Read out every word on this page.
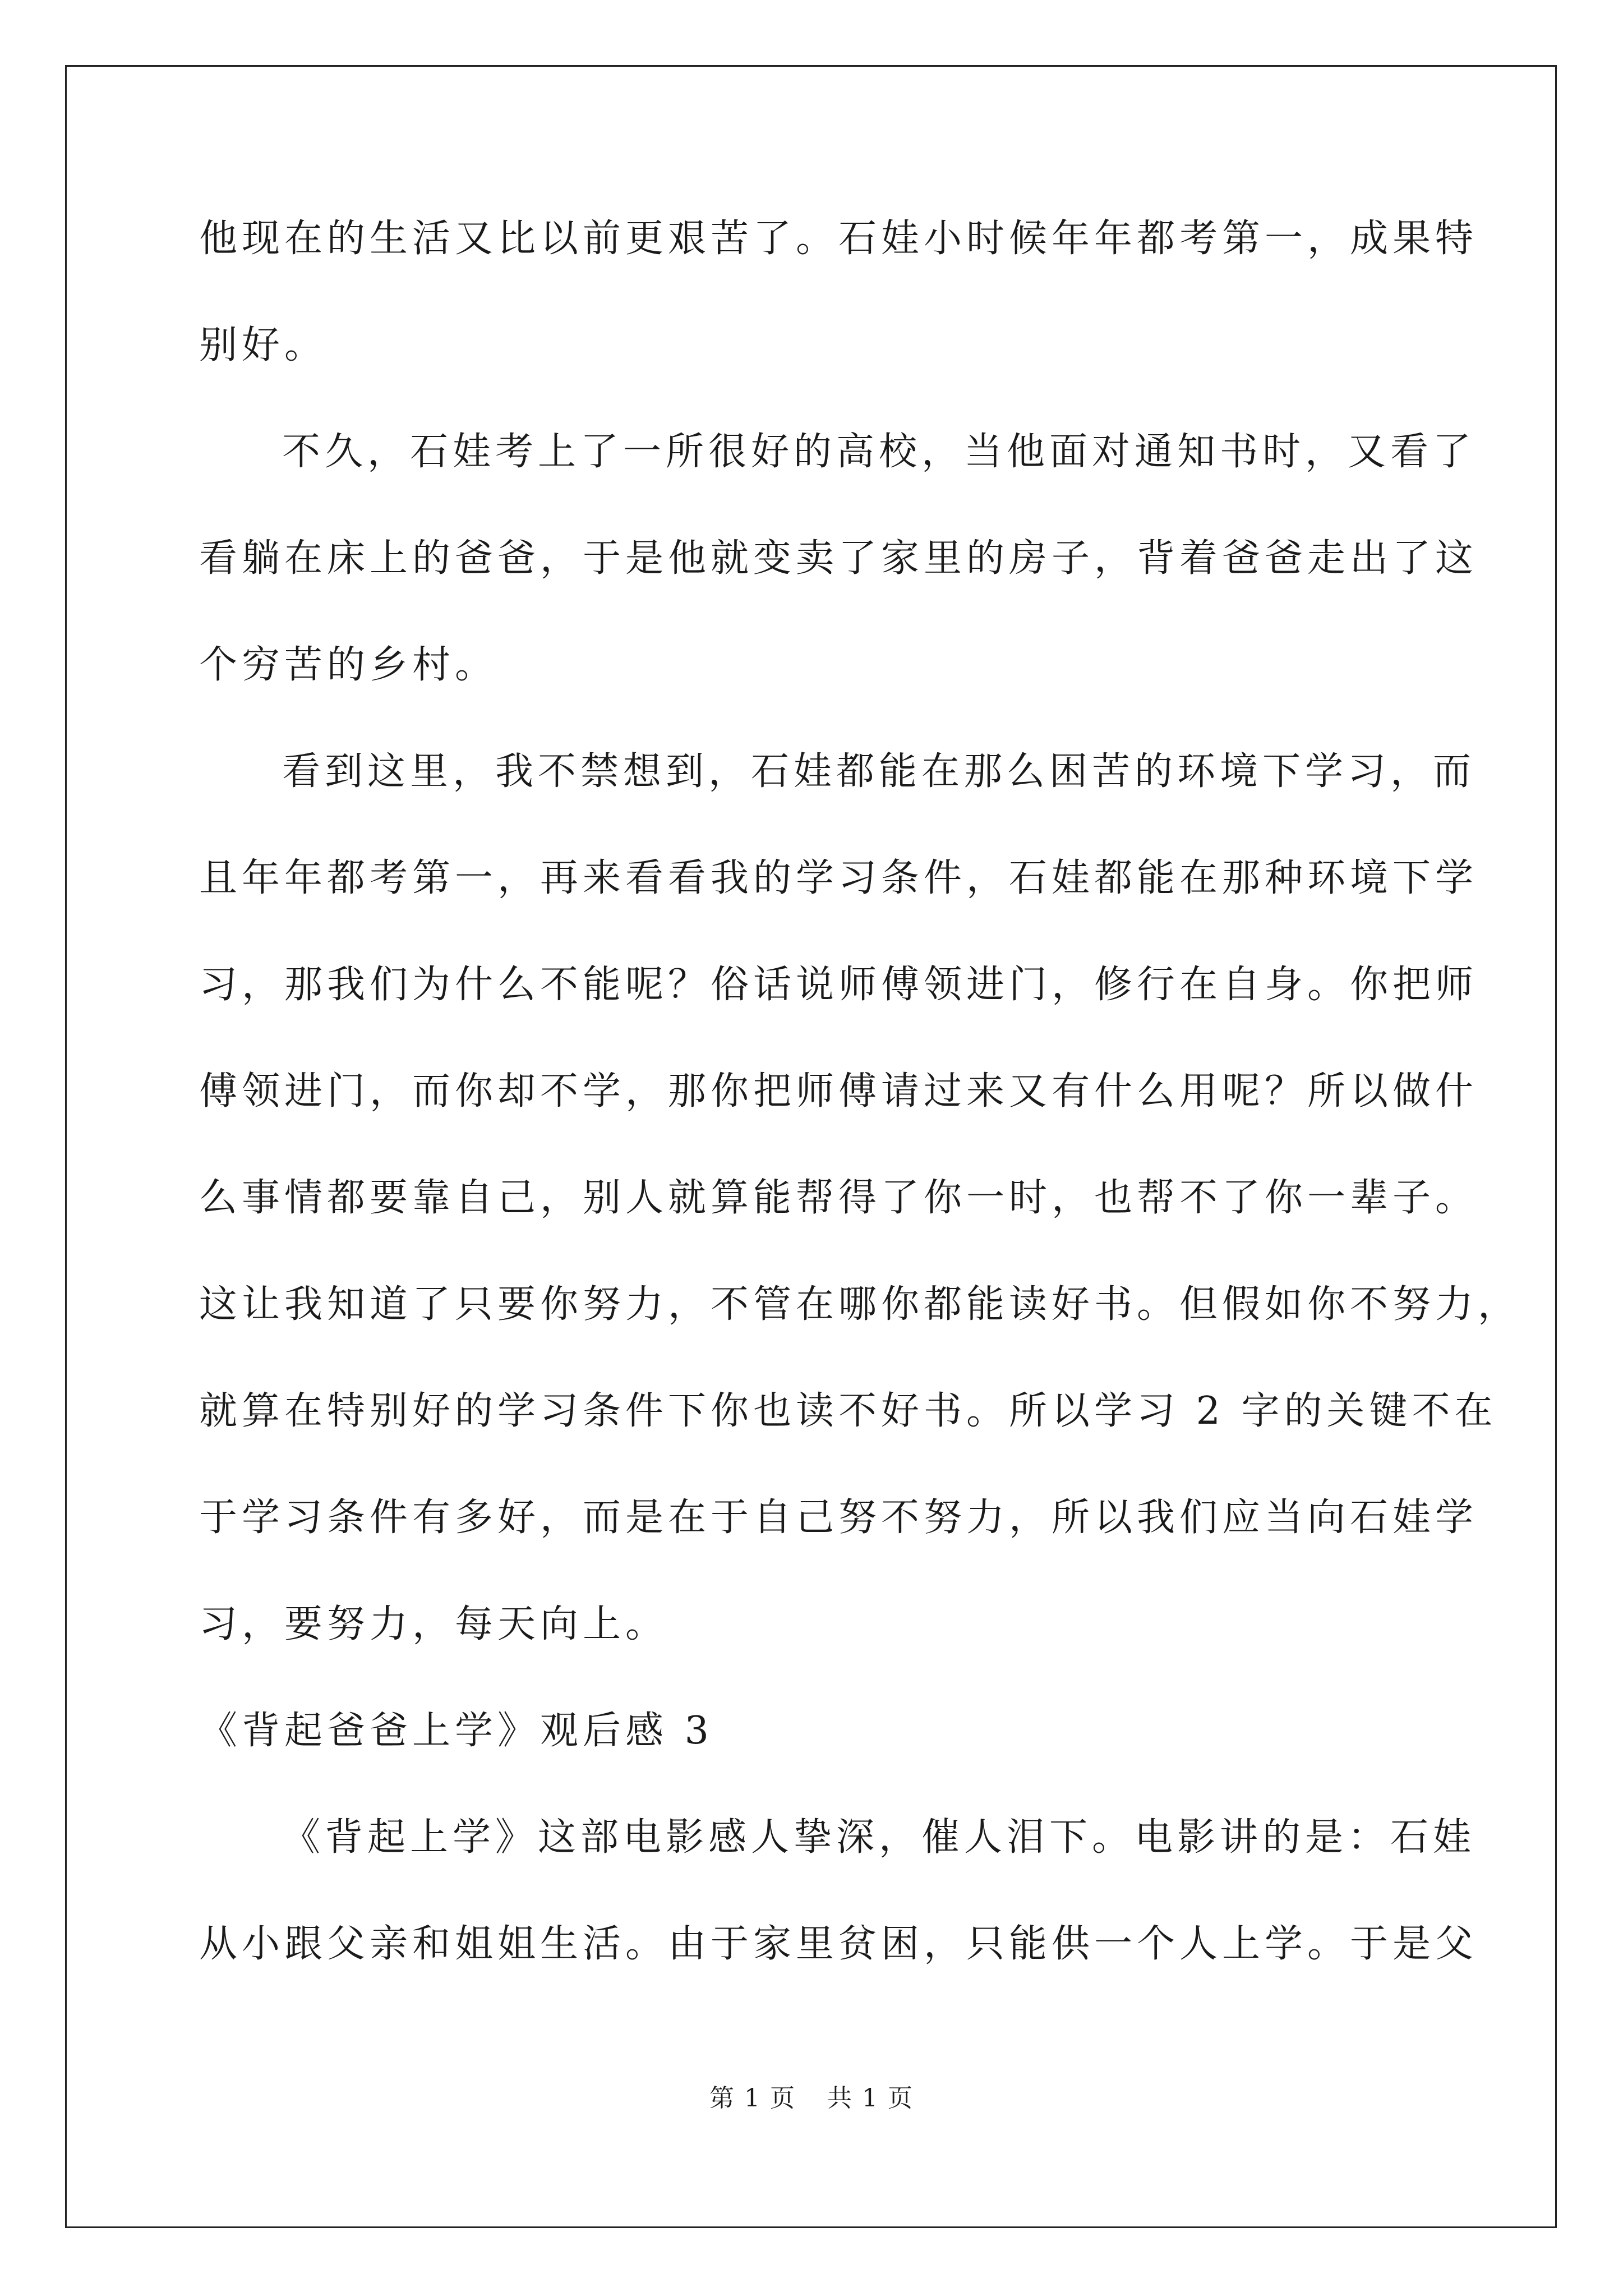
他现在的生活又比以前更艰苦了。石娃小时候年年都考第一，成果特

别好。

不久，石娃考上了一所很好的高校，当他面对通知书时，又看了

看躺在床上的爸爸，于是他就变卖了家里的房子，背着爸爸走出了这

个穷苦的乡村。

看到这里，我不禁想到，石娃都能在那么困苦的环境下学习，而

且年年都考第一，再来看看我的学习条件，石娃都能在那种环境下学

习，那我们为什么不能呢？俗话说师傅领进门，修行在自身。你把师

傅领进门，而你却不学，那你把师傅请过来又有什么用呢？所以做什

么事情都要靠自己，别人就算能帮得了你一时，也帮不了你一辈子。

这让我知道了只要你努力，不管在哪你都能读好书。但假如你不努力，

就算在特别好的学习条件下你也读不好书。所以学习 2 字的关键不在

于学习条件有多好，而是在于自己努不努力，所以我们应当向石娃学

习，要努力，每天向上。

《背起爸爸上学》观后感 3

《背起上学》这部电影感人挚深，催人泪下。电影讲的是：石娃

从小跟父亲和姐姐生活。由于家里贫困，只能供一个人上学。于是父

第 1 页 共 1 页
